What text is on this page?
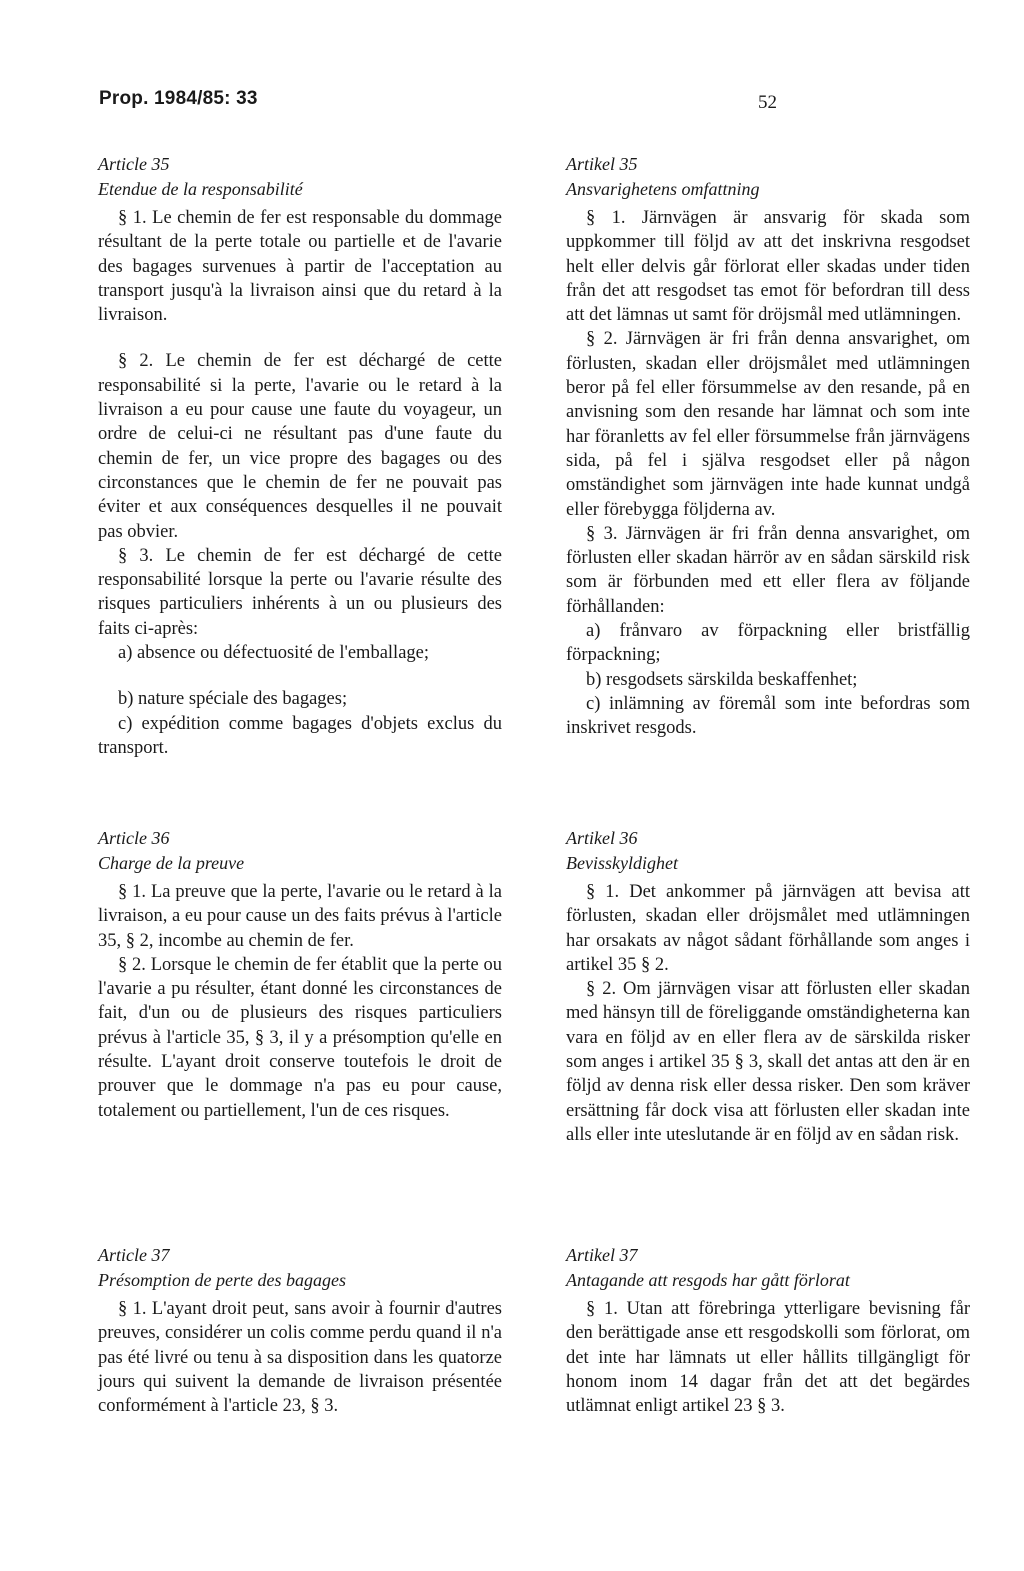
Prop. 1984/85: 33	52
Article 35
Etendue de la responsabilité

§ 1. Le chemin de fer est responsable du dommage résultant de la perte totale ou partielle et de l'avarie des bagages survenues à partir de l'acceptation au transport jusqu'à la livraison ainsi que du retard à la livraison.

§ 2. Le chemin de fer est déchargé de cette responsabilité si la perte, l'avarie ou le retard à la livraison a eu pour cause une faute du voyageur, un ordre de celui-ci ne résultant pas d'une faute du chemin de fer, un vice propre des bagages ou des circonstances que le chemin de fer ne pouvait pas éviter et aux conséquences desquelles il ne pouvait pas obvier.

§ 3. Le chemin de fer est déchargé de cette responsabilité lorsque la perte ou l'avarie résulte des risques particuliers inhérents à un ou plusieurs des faits ci-après:

a) absence ou défectuosité de l'emballage;

b) nature spéciale des bagages;

c) expédition comme bagages d'objets exclus du transport.

Artikel 35
Ansvarighetens omfattning

§ 1. Järnvägen är ansvarig för skada som uppkommer till följd av att det inskrivna resgodset helt eller delvis går förlorat eller skadas under tiden från det att resgodset tas emot för befordran till dess att det lämnas ut samt för dröjsmål med utlämningen.

§ 2. Järnvägen är fri från denna ansvarighet, om förlusten, skadan eller dröjsmålet med utlämningen beror på fel eller försummelse av den resande, på en anvisning som den resande har lämnat och som inte har föranletts av fel eller försummelse från järnvägens sida, på fel i själva resgodset eller på någon omständighet som järnvägen inte hade kunnat undgå eller förebygga följderna av.

§ 3. Järnvägen är fri från denna ansvarighet, om förlusten eller skadan härrör av en sådan särskild risk som är förbunden med ett eller flera av följande förhållanden:

a) frånvaro av förpackning eller bristfällig förpackning;

b) resgodsets särskilda beskaffenhet;

c) inlämning av föremål som inte befordras som inskrivet resgods.

Article 36
Charge de la preuve

§ 1. La preuve que la perte, l'avarie ou le retard à la livraison, a eu pour cause un des faits prévus à l'article 35, § 2, incombe au chemin de fer.

§ 2. Lorsque le chemin de fer établit que la perte ou l'avarie a pu résulter, étant donné les circonstances de fait, d'un ou de plusieurs des risques particuliers prévus à l'article 35, § 3, il y a présomption qu'elle en résulte. L'ayant droit conserve toutefois le droit de prouver que le dommage n'a pas eu pour cause, totalement ou partiellement, l'un de ces risques.

Artikel 36
Bevisskyldighet

§ 1. Det ankommer på järnvägen att bevisa att förlusten, skadan eller dröjsmålet med utlämningen har orsakats av något sådant förhållande som anges i artikel 35 § 2.

§ 2. Om järnvägen visar att förlusten eller skadan med hänsyn till de föreliggande omständigheterna kan vara en följd av en eller flera av de särskilda risker som anges i artikel 35 § 3, skall det antas att den är en följd av denna risk eller dessa risker. Den som kräver ersättning får dock visa att förlusten eller skadan inte alls eller inte uteslutande är en följd av en sådan risk.

Article 37
Présomption de perte des bagages

§ 1. L'ayant droit peut, sans avoir à fournir d'autres preuves, considérer un colis comme perdu quand il n'a pas été livré ou tenu à sa disposition dans les quatorze jours qui suivent la demande de livraison présentée conformément à l'article 23, § 3.

Artikel 37
Antagande att resgods har gått förlorat

§ 1. Utan att förebringa ytterligare bevisning får den berättigade anse ett resgodskolli som förlorat, om det inte har lämnats ut eller hållits tillgängligt för honom inom 14 dagar från det att det begärdes utlämnat enligt artikel 23 § 3.
